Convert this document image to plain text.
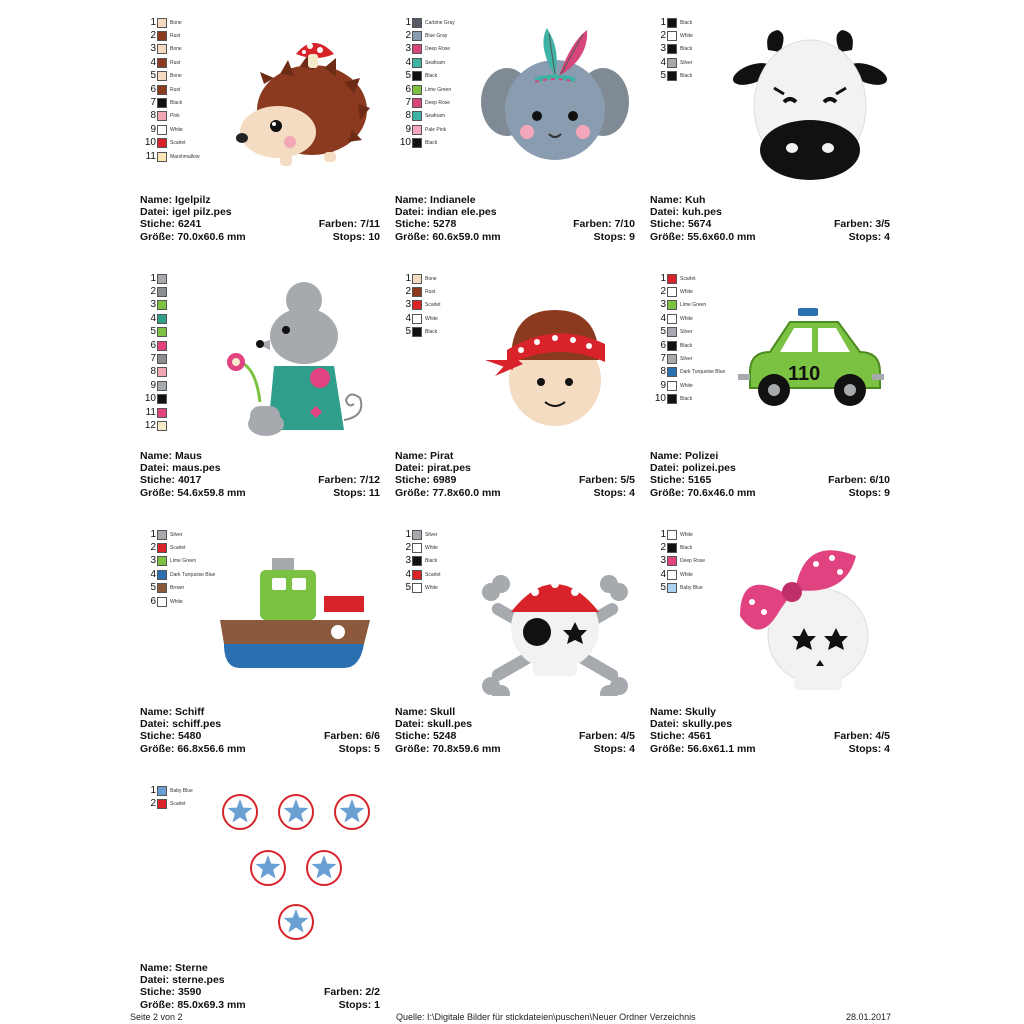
1	Bone
2	Rust
3	Bone
4	Rust
5	Bone
6	Rust
7	Black
8	Pink
9	White
10	Scarlet
11	Marshmallow
Name: Igelpilz
Datei: igel pilz.pes
Stiche: 6241	Farben: 7/11
Größe: 70.0x60.6 mm	Stops: 10
1	Carbine Gray
2	Blue Gray
3	Deep Rose
4	Seafoam
5	Black
6	Lime Green
7	Deep Rose
8	Seafoam
9	Pale Pink
10	Black
Name: Indianele
Datei: indian ele.pes
Stiche: 5278	Farben: 7/10
Größe: 60.6x59.0 mm	Stops: 9
1	Black
2	White
3	Black
4	Silver
5	Black
Name: Kuh
Datei: kuh.pes
Stiche: 5674	Farben: 3/5
Größe: 55.6x60.0 mm	Stops: 4
1
2
3
4
5
6
7
8
9
10
11
12
Name: Maus
Datei: maus.pes
Stiche: 4017	Farben: 7/12
Größe: 54.6x59.8 mm	Stops: 11
1	Bone
2	Rust
3	Scarlet
4	White
5	Black
Name: Pirat
Datei: pirat.pes
Stiche: 6989	Farben: 5/5
Größe: 77.8x60.0 mm	Stops: 4
1	Scarlet
2	White
3	Lime Green
4	White
5	Silver
6	Black
7	Silver
8	Dark Turquoise Blue
9	White
10	Black
110
Name: Polizei
Datei: polizei.pes
Stiche: 5165	Farben: 6/10
Größe: 70.6x46.0 mm	Stops: 9
1	Silver
2	Scarlet
3	Lime Green
4	Dark Turquoise Blue
5	Brown
6	White
Name: Schiff
Datei: schiff.pes
Stiche: 5480	Farben: 6/6
Größe: 66.8x56.6 mm	Stops: 5
1	Silver
2	White
3	Black
4	Scarlet
5	White
Name: Skull
Datei: skull.pes
Stiche: 5248	Farben: 4/5
Größe: 70.8x59.6 mm	Stops: 4
1	White
2	Black
3	Deep Rose
4	White
5	Baby Blue
Name: Skully
Datei: skully.pes
Stiche: 4561	Farben: 4/5
Größe: 56.6x61.1 mm	Stops: 4
1	Baby Blue
2	Scarlet
Name: Sterne
Datei: sterne.pes
Stiche: 3590	Farben: 2/2
Größe: 85.0x69.3 mm	Stops: 1
Seite 2 von 2	Quelle: I:\Digitale Bilder für stickdateien\puschen\Neuer Ordner Verzeichnis	28.01.2017
